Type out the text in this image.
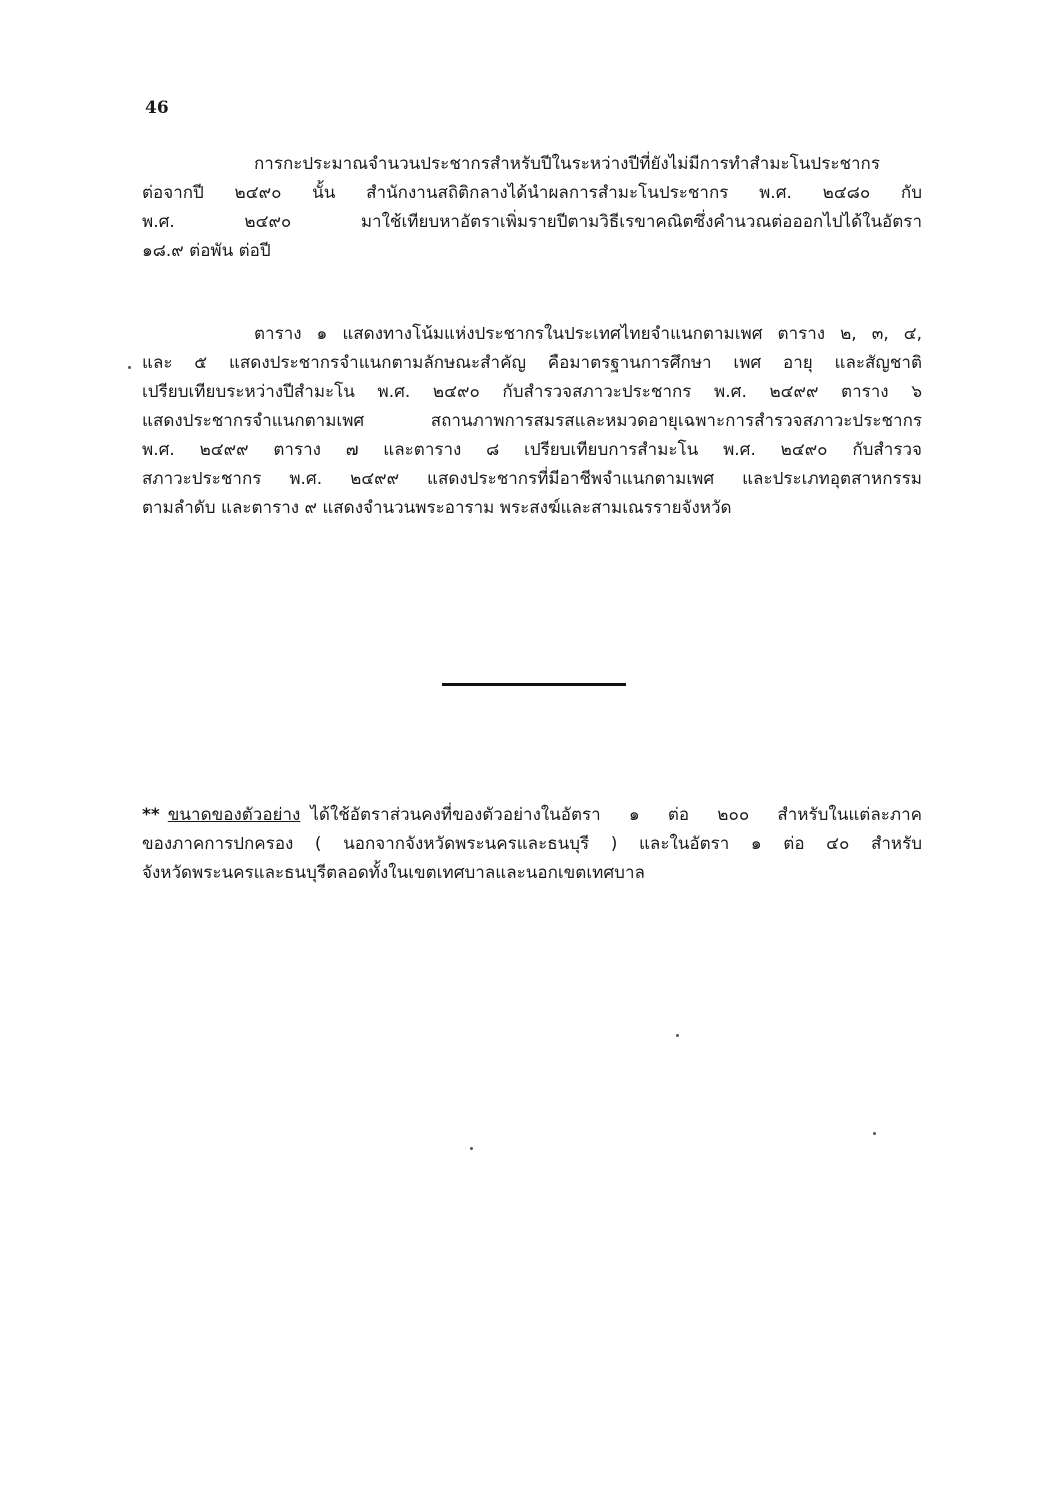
46
การกะประมาณจำนวนประชากรสำหรับปีในระหว่างปีที่ยังไม่มีการทำสำมะโนประชากร
ต่อจากปี ๒๔๙๐ นั้น สำนักงานสถิติกลางได้นำผลการสำมะโนประชากร พ.ศ. ๒๔๘๐ กับ
พ.ศ. ๒๔๙๐ มาใช้เทียบหาอัตราเพิ่มรายปีตามวิธีเรขาคณิตซึ่งคำนวณต่อออกไปได้ในอัตรา
๑๘.๙ ต่อพัน ต่อปี
ตาราง ๑ แสดงทางโน้มแห่งประชากรในประเทศไทยจำแนกตามเพศ ตาราง ๒, ๓, ๔,
และ ๕ แสดงประชากรจำแนกตามลักษณะสำคัญ คือมาตรฐานการศึกษา เพศ อายุ และสัญชาติ
เปรียบเทียบระหว่างปีสำมะโน พ.ศ. ๒๔๙๐ กับสำรวจสภาวะประชากร พ.ศ. ๒๔๙๙ ตาราง ๖
แสดงประชากรจำแนกตามเพศ สถานภาพการสมรสและหมวดอายุเฉพาะการสำรวจสภาวะประชากร
พ.ศ. ๒๔๙๙ ตาราง ๗ และตาราง ๘ เปรียบเทียบการสำมะโน พ.ศ. ๒๔๙๐ กับสำรวจ
สภาวะประชากร พ.ศ. ๒๔๙๙ แสดงประชากรที่มีอาชีพจำแนกตามเพศ และประเภทอุตสาหกรรม
ตามลำดับ และตาราง ๙ แสดงจำนวนพระอาราม พระสงฆ์และสามเณรรายจังหวัด
** ขนาดของตัวอย่าง ได้ใช้อัตราส่วนคงที่ของตัวอย่างในอัตรา ๑ ต่อ ๒๐๐ สำหรับในแต่ละภาค
ของภาคการปกครอง ( นอกจากจังหวัดพระนครและธนบุรี ) และในอัตรา ๑ ต่อ ๔๐ สำหรับ
จังหวัดพระนครและธนบุรีตลอดทั้งในเขตเทศบาลและนอกเขตเทศบาล
